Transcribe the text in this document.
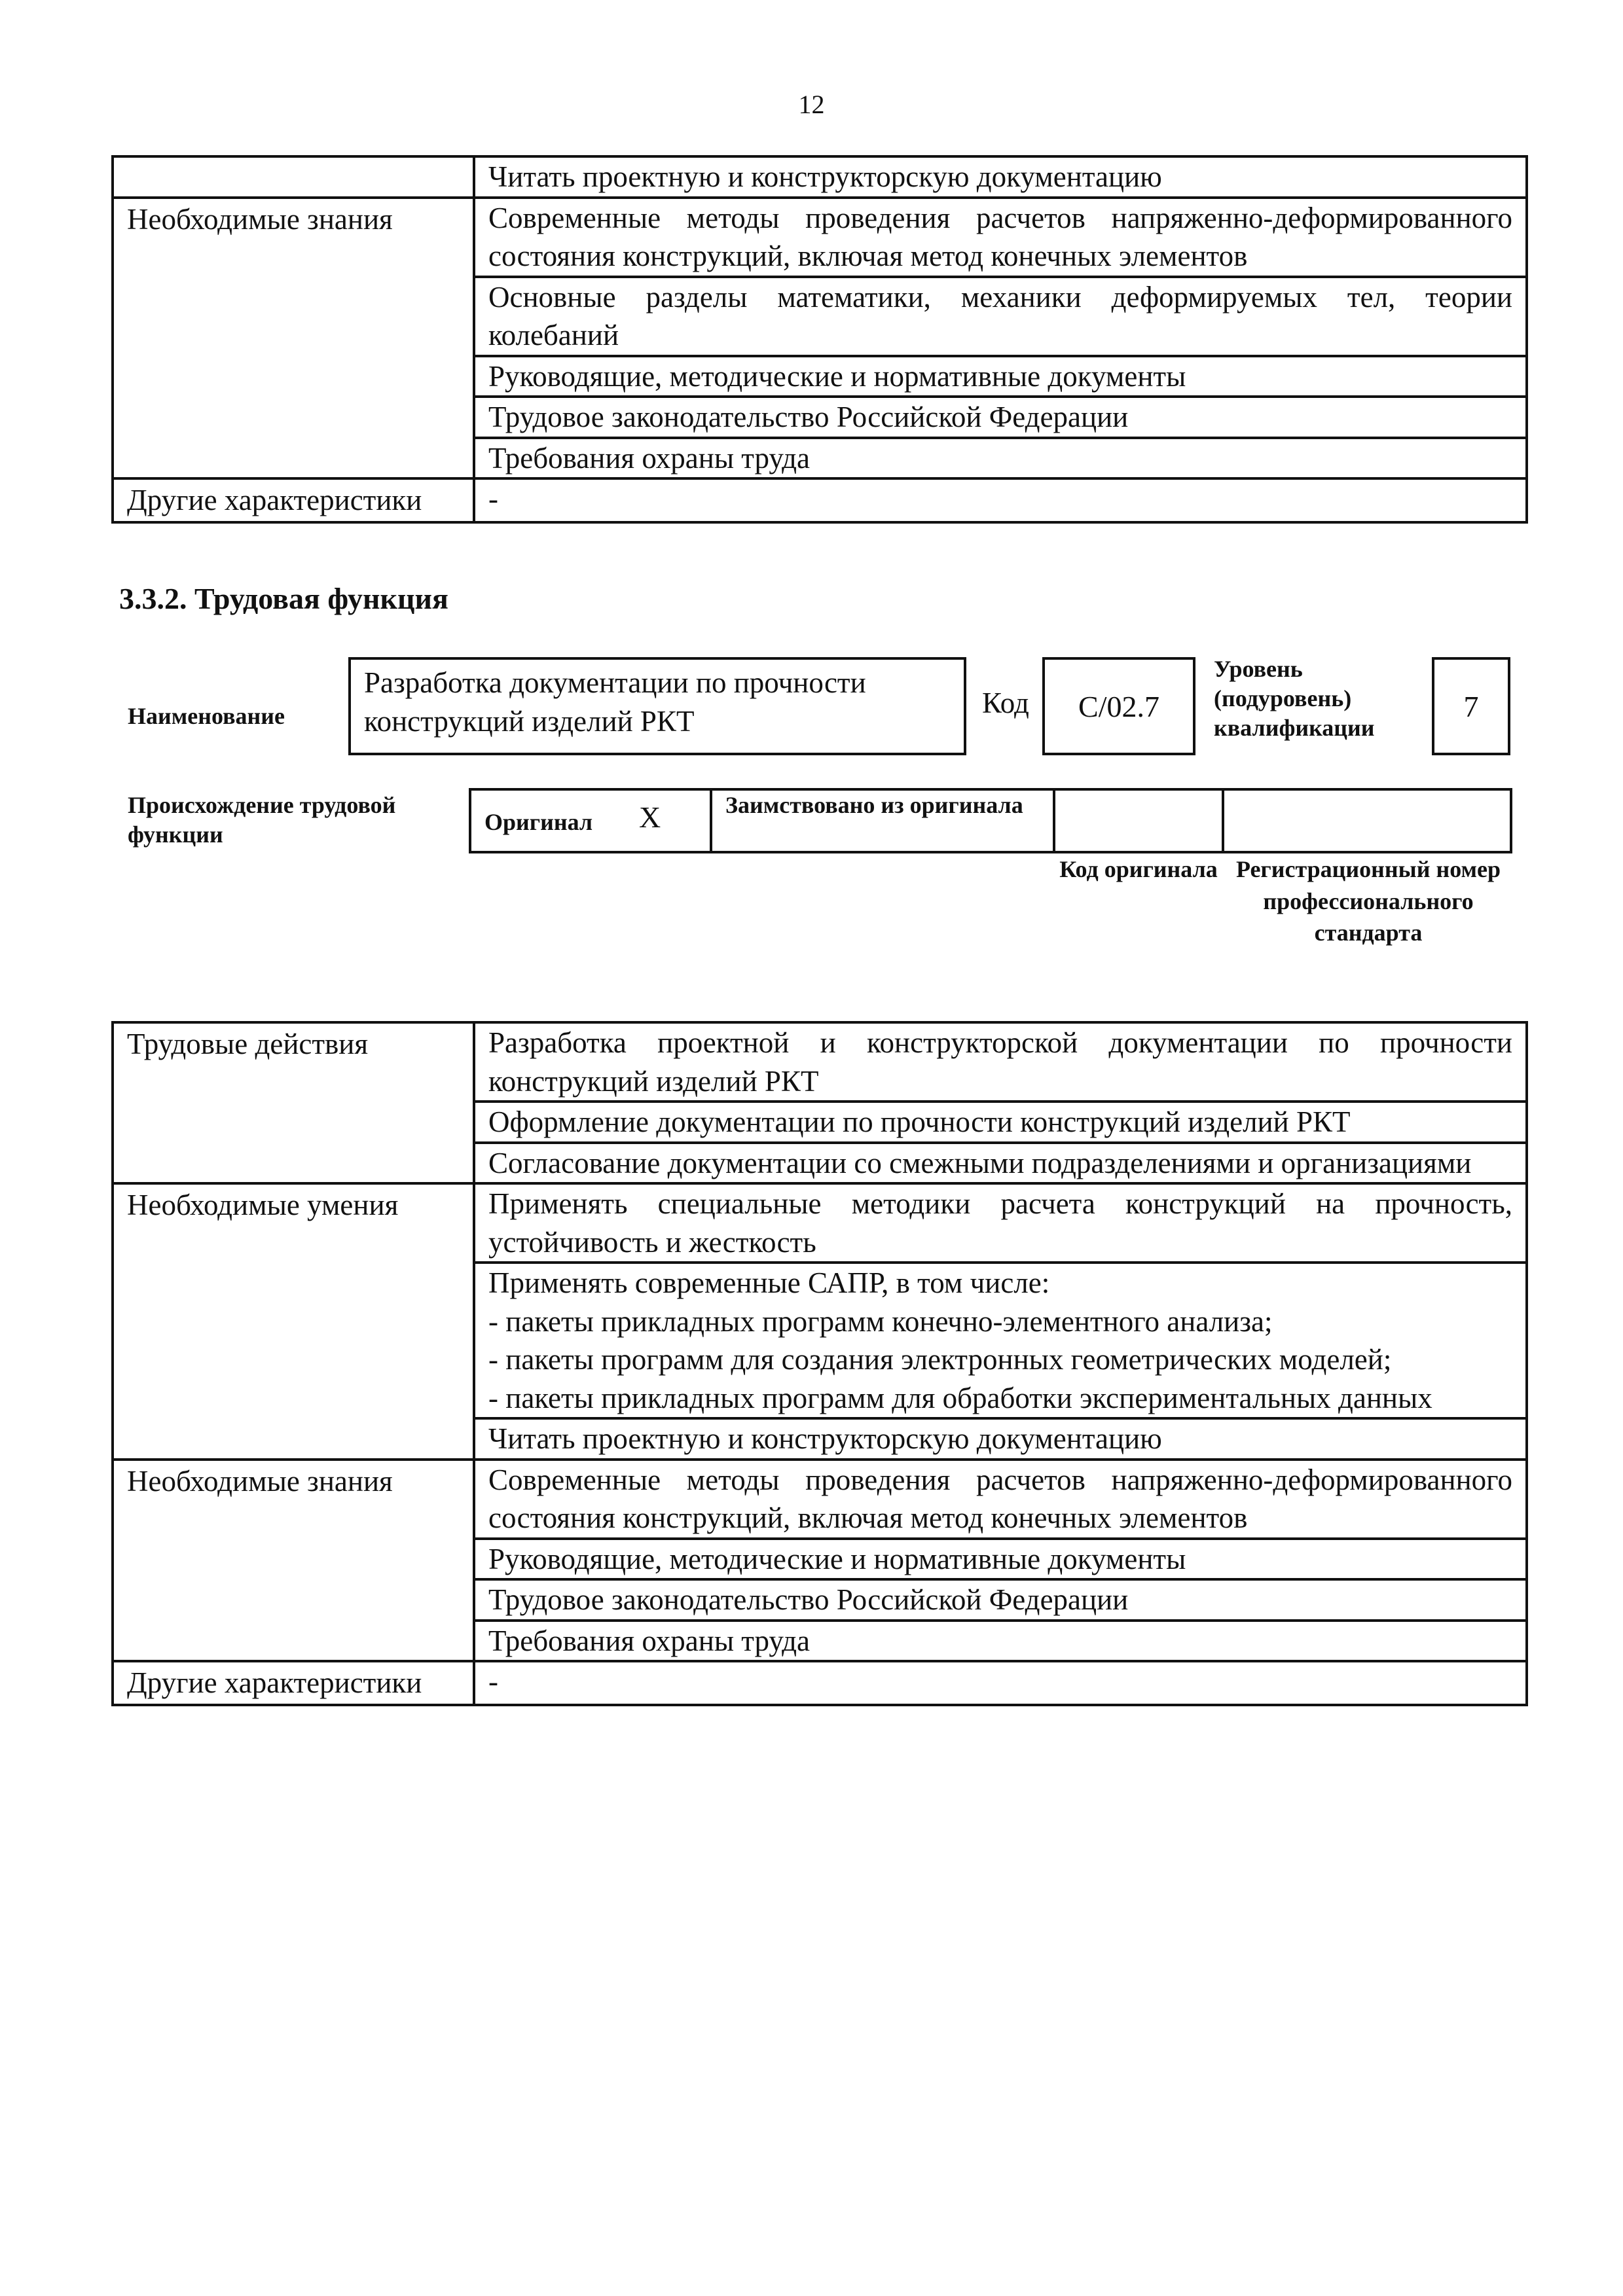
12
	Читать проектную и конструкторскую документацию
Необходимые знания	Современные методы проведения расчетов напряженно-деформированного состояния конструкций, включая метод конечных элементов
	Основные разделы математики, механики деформируемых тел, теории колебаний
	Руководящие, методические и нормативные документы
	Трудовое законодательство Российской Федерации
	Требования охраны труда
Другие характеристики	-
3.3.2. Трудовая функция
Наименование
Разработка документации по прочности конструкций изделий РКТ
Код C/02.7
Уровень (подуровень) квалификации
7
Происхождение трудовой функции	Оригинал X	Заимствовано из оригинала
Код оригинала Регистрационный номер профессионального стандарта
Трудовые действия	Разработка проектной и конструкторской документации по прочности конструкций изделий РКТ
	Оформление документации по прочности конструкций изделий РКТ
	Согласование документации со смежными подразделениями и организациями
Необходимые умения	Применять специальные методики расчета конструкций на прочность, устойчивость и жесткость
	Применять современные САПР, в том числе:
- пакеты прикладных программ конечно-элементного анализа;
- пакеты программ для создания электронных геометрических моделей;
- пакеты прикладных программ для обработки экспериментальных данных
	Читать проектную и конструкторскую документацию
Необходимые знания	Современные методы проведения расчетов напряженно-деформированного состояния конструкций, включая метод конечных элементов
	Руководящие, методические и нормативные документы
	Трудовое законодательство Российской Федерации
	Требования охраны труда
Другие характеристики	-
